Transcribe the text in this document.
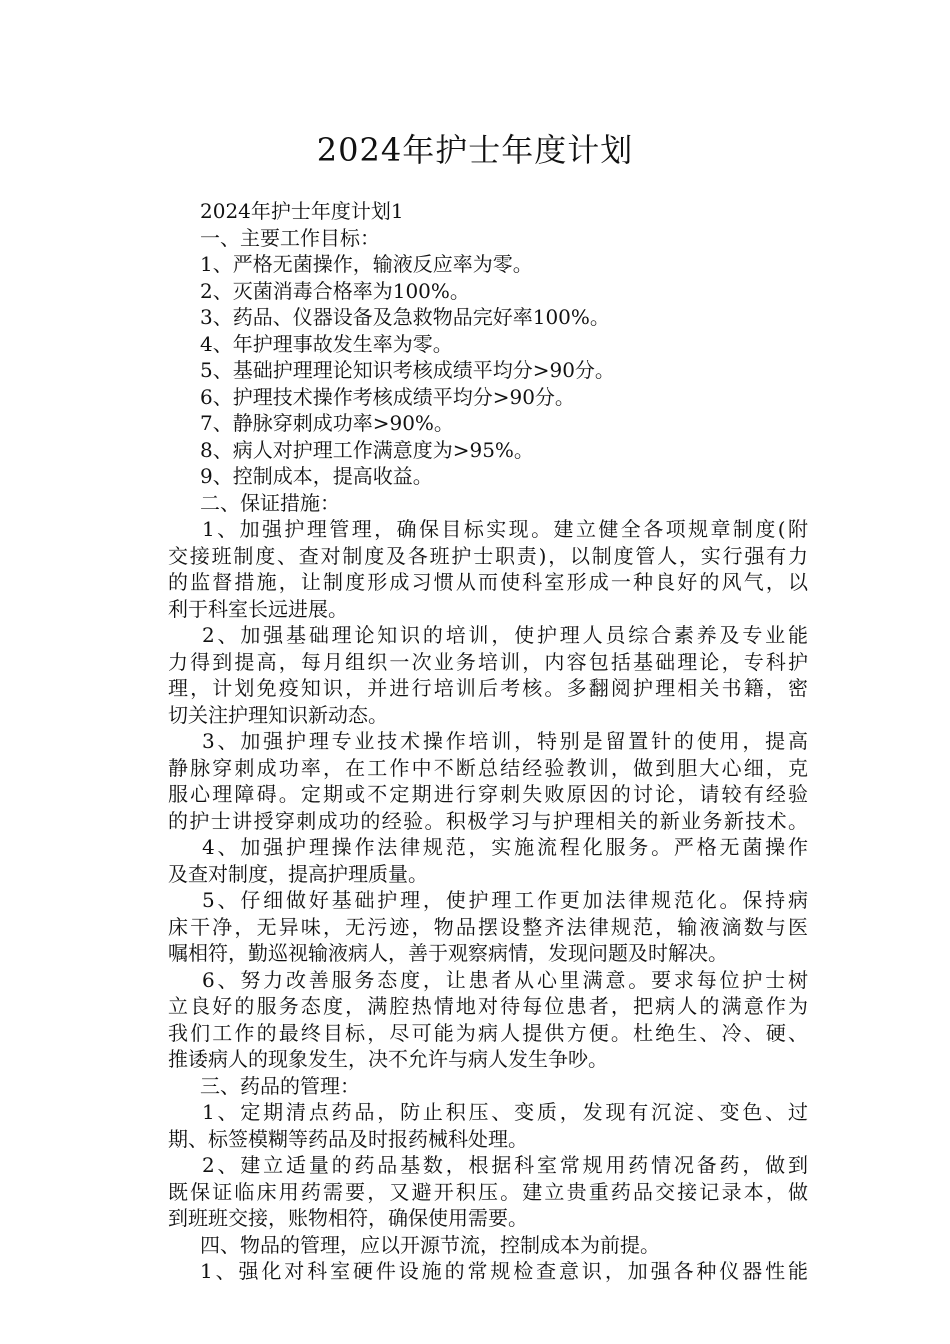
2024年护士年度计划
2024年护士年度计划1
一、主要工作目标：
1、严格无菌操作，输液反应率为零。
2、灭菌消毒合格率为100%。
3、药品、仪器设备及急救物品完好率100%。
4、年护理事故发生率为零。
5、基础护理理论知识考核成绩平均分>90分。
6、护理技术操作考核成绩平均分>90分。
7、静脉穿刺成功率>90%。
8、病人对护理工作满意度为>95%。
9、控制成本，提高收益。
二、保证措施：
1、加强护理管理，确保目标实现。建立健全各项规章制度(附
交接班制度、查对制度及各班护士职责)，以制度管人，实行强有力
的监督措施，让制度形成习惯从而使科室形成一种良好的风气，以
利于科室长远进展。
2、加强基础理论知识的培训，使护理人员综合素养及专业能
力得到提高，每月组织一次业务培训，内容包括基础理论，专科护
理，计划免疫知识，并进行培训后考核。多翻阅护理相关书籍，密
切关注护理知识新动态。
3、加强护理专业技术操作培训，特别是留置针的使用，提高
静脉穿刺成功率，在工作中不断总结经验教训，做到胆大心细，克
服心理障碍。定期或不定期进行穿刺失败原因的讨论，请较有经验
的护士讲授穿刺成功的经验。积极学习与护理相关的新业务新技术。
4、加强护理操作法律规范，实施流程化服务。严格无菌操作
及查对制度，提高护理质量。
5、仔细做好基础护理，使护理工作更加法律规范化。保持病
床干净，无异味，无污迹，物品摆设整齐法律规范，输液滴数与医
嘱相符，勤巡视输液病人，善于观察病情，发现问题及时解决。
6、努力改善服务态度，让患者从心里满意。要求每位护士树
立良好的服务态度，满腔热情地对待每位患者，把病人的满意作为
我们工作的最终目标，尽可能为病人提供方便。杜绝生、冷、硬、
推诿病人的现象发生，决不允许与病人发生争吵。
三、药品的管理：
1、定期清点药品，防止积压、变质，发现有沉淀、变色、过
期、标签模糊等药品及时报药械科处理。
2、建立适量的药品基数，根据科室常规用药情况备药，做到
既保证临床用药需要，又避开积压。建立贵重药品交接记录本，做
到班班交接，账物相符，确保使用需要。
四、物品的管理，应以开源节流，控制成本为前提。
1、强化对科室硬件设施的常规检查意识，加强各种仪器性能
